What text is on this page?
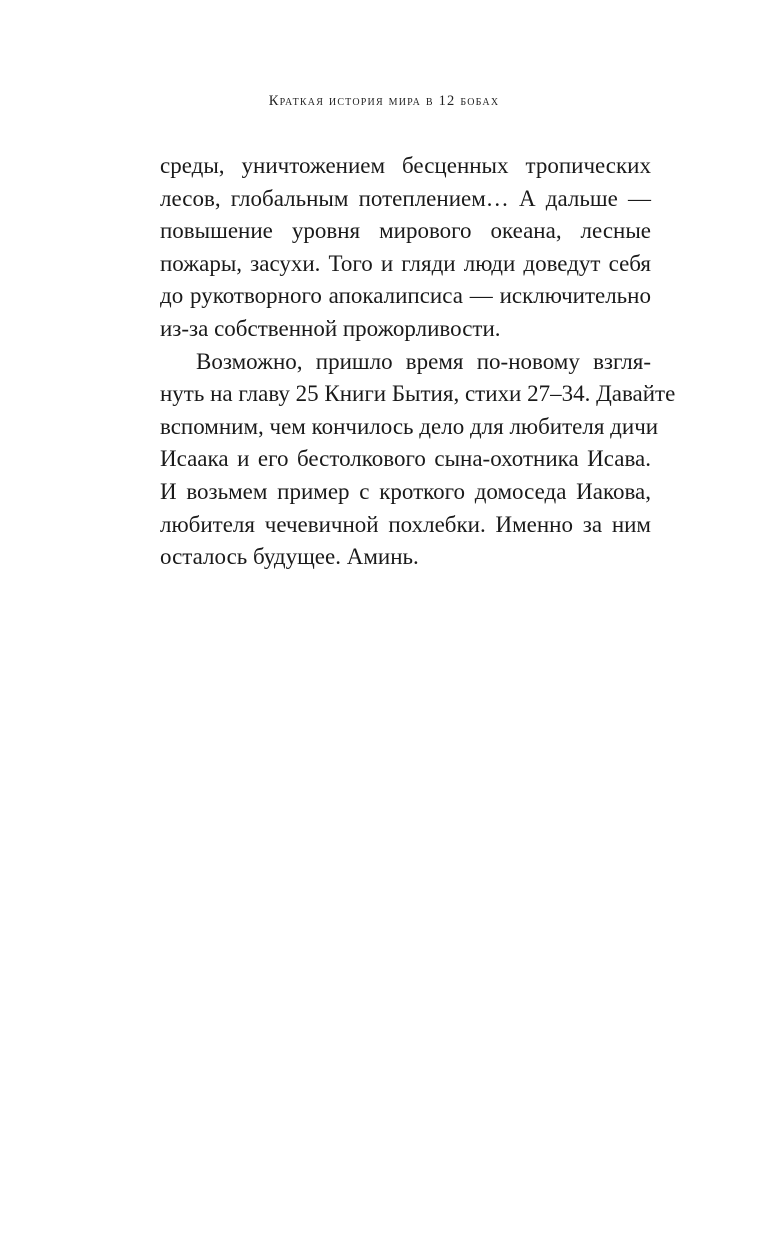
Краткая история мира в 12 бобах
среды, уничтожением бесценных тропических
лесов, глобальным потеплением… А дальше —
повышение уровня мирового океана, лесные
пожары, засухи. Того и гляди люди доведут себя
до рукотворного апокалипсиса — исключительно
из-за собственной прожорливости.
Возможно, пришло время по-новому взгля-
нуть на главу 25 Книги Бытия, стихи 27–34. Давайте
вспомним, чем кончилось дело для любителя дичи
Исаака и его бестолкового сына-охотника Исава.
И возьмем пример с кроткого домоседа Иакова,
любителя чечевичной похлебки. Именно за ним
осталось будущее. Аминь.
